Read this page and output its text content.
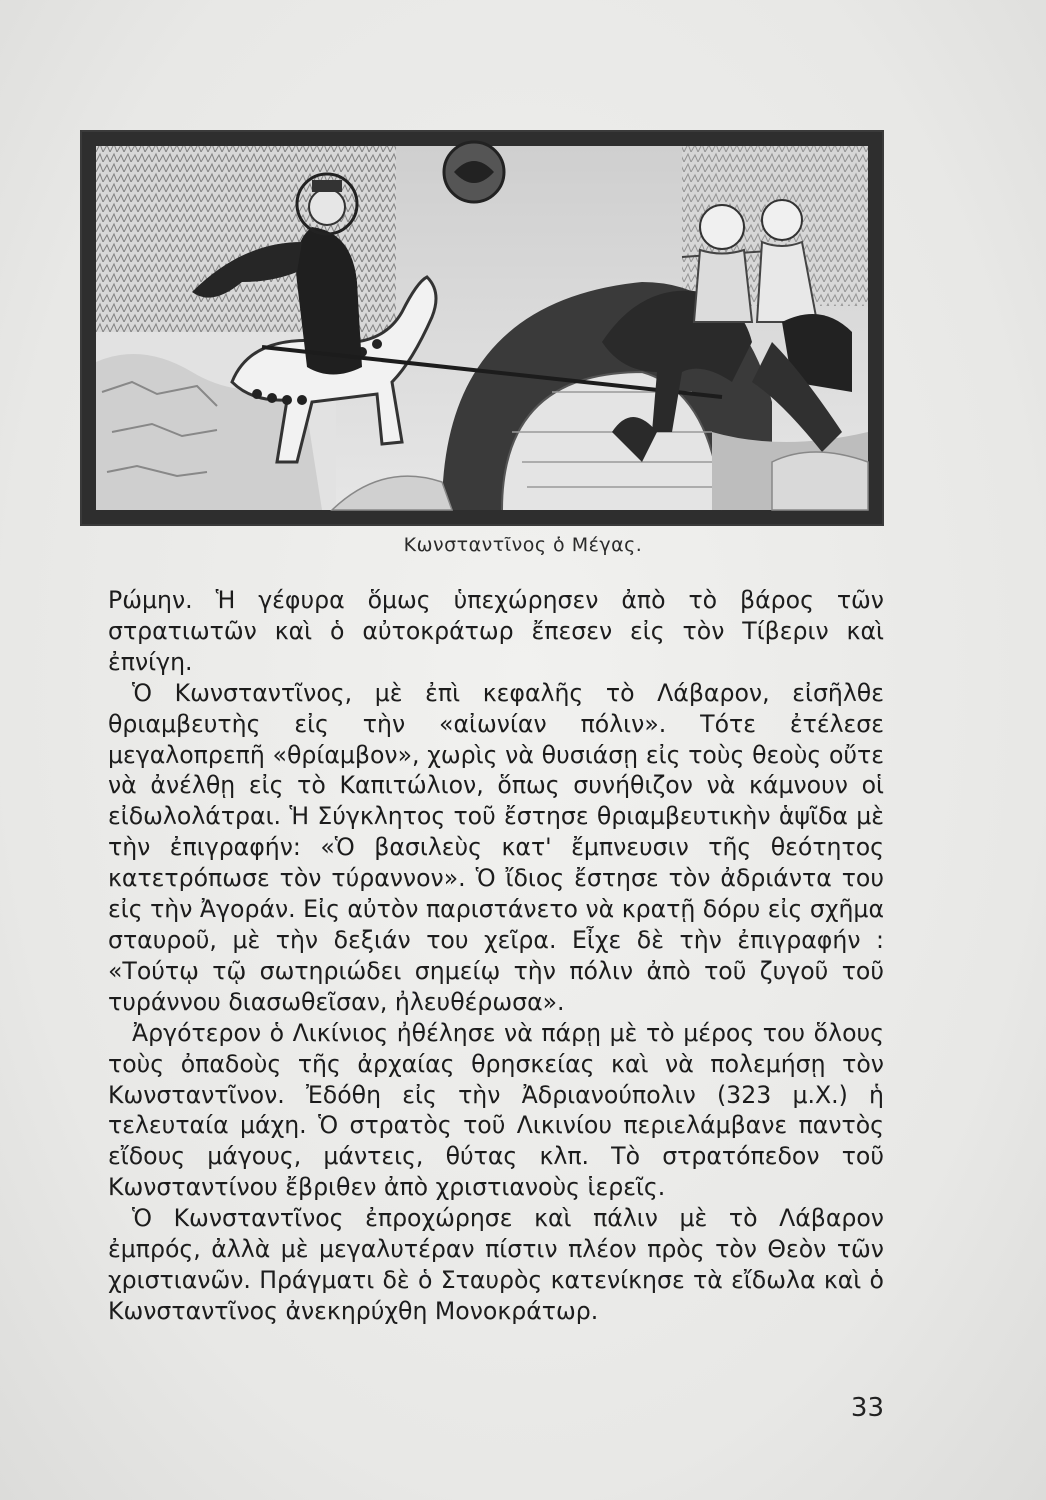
Κωνσταντῖνος ὁ Μέγας.

Ρώμην. Ἡ γέφυρα ὅμως ὑπεχώρησεν ἀπὸ τὸ βάρος τῶν στρατιωτῶν καὶ ὁ αὐτοκράτωρ ἔπεσεν εἰς τὸν Τίβεριν καὶ ἐπνίγη.

Ὁ Κωνσταντῖνος, μὲ ἐπὶ κεφαλῆς τὸ Λάβαρον, εἰσῆλθε θριαμβευτὴς εἰς τὴν «αἰωνίαν πόλιν». Τότε ἐτέλεσε μεγαλοπρεπῆ «θρίαμβον», χωρὶς νὰ θυσιάσῃ εἰς τοὺς θεοὺς οὔτε νὰ ἀνέλθῃ εἰς τὸ Καπιτώλιον, ὅπως συνήθιζον νὰ κάμνουν οἱ εἰδωλολάτραι. Ἡ Σύγκλητος τοῦ ἔστησε θριαμβευτικὴν ἁψῖδα μὲ τὴν ἐπιγραφήν: «Ὁ βασιλεὺς κατ' ἔμπνευσιν τῆς θεότητος κατετρόπωσε τὸν τύραννον». Ὁ ἴδιος ἔστησε τὸν ἀδριάντα του εἰς τὴν Ἀγοράν. Εἰς αὐτὸν παριστάνετο νὰ κρατῇ δόρυ εἰς σχῆμα σταυροῦ, μὲ τὴν δεξιάν του χεῖρα. Εἶχε δὲ τὴν ἐπιγραφήν : «Τούτῳ τῷ σωτηριώδει σημείῳ τὴν πόλιν ἀπὸ τοῦ ζυγοῦ τοῦ τυράννου διασωθεῖσαν, ἠλευθέρωσα».

Ἀργότερον ὁ Λικίνιος ἠθέλησε νὰ πάρῃ μὲ τὸ μέρος του ὅλους τοὺς ὀπαδοὺς τῆς ἀρχαίας θρησκείας καὶ νὰ πολεμήσῃ τὸν Κωνσταντῖνον. Ἐδόθη εἰς τὴν Ἀδριανούπολιν (323 μ.Χ.) ἡ τελευταία μάχη. Ὁ στρατὸς τοῦ Λικινίου περιελάμβανε παντὸς εἴδους μάγους, μάντεις, θύτας κλπ. Τὸ στρατόπεδον τοῦ Κωνσταντίνου ἔβριθεν ἀπὸ χριστιανοὺς ἱερεῖς.

Ὁ Κωνσταντῖνος ἐπροχώρησε καὶ πάλιν μὲ τὸ Λάβαρον ἐμπρός, ἀλλὰ μὲ μεγαλυτέραν πίστιν πλέον πρὸς τὸν Θεὸν τῶν χριστιανῶν. Πράγματι δὲ ὁ Σταυρὸς κατενίκησε τὰ εἴδωλα καὶ ὁ Κωνσταντῖνος ἀνεκηρύχθη Μονοκράτωρ.

33
